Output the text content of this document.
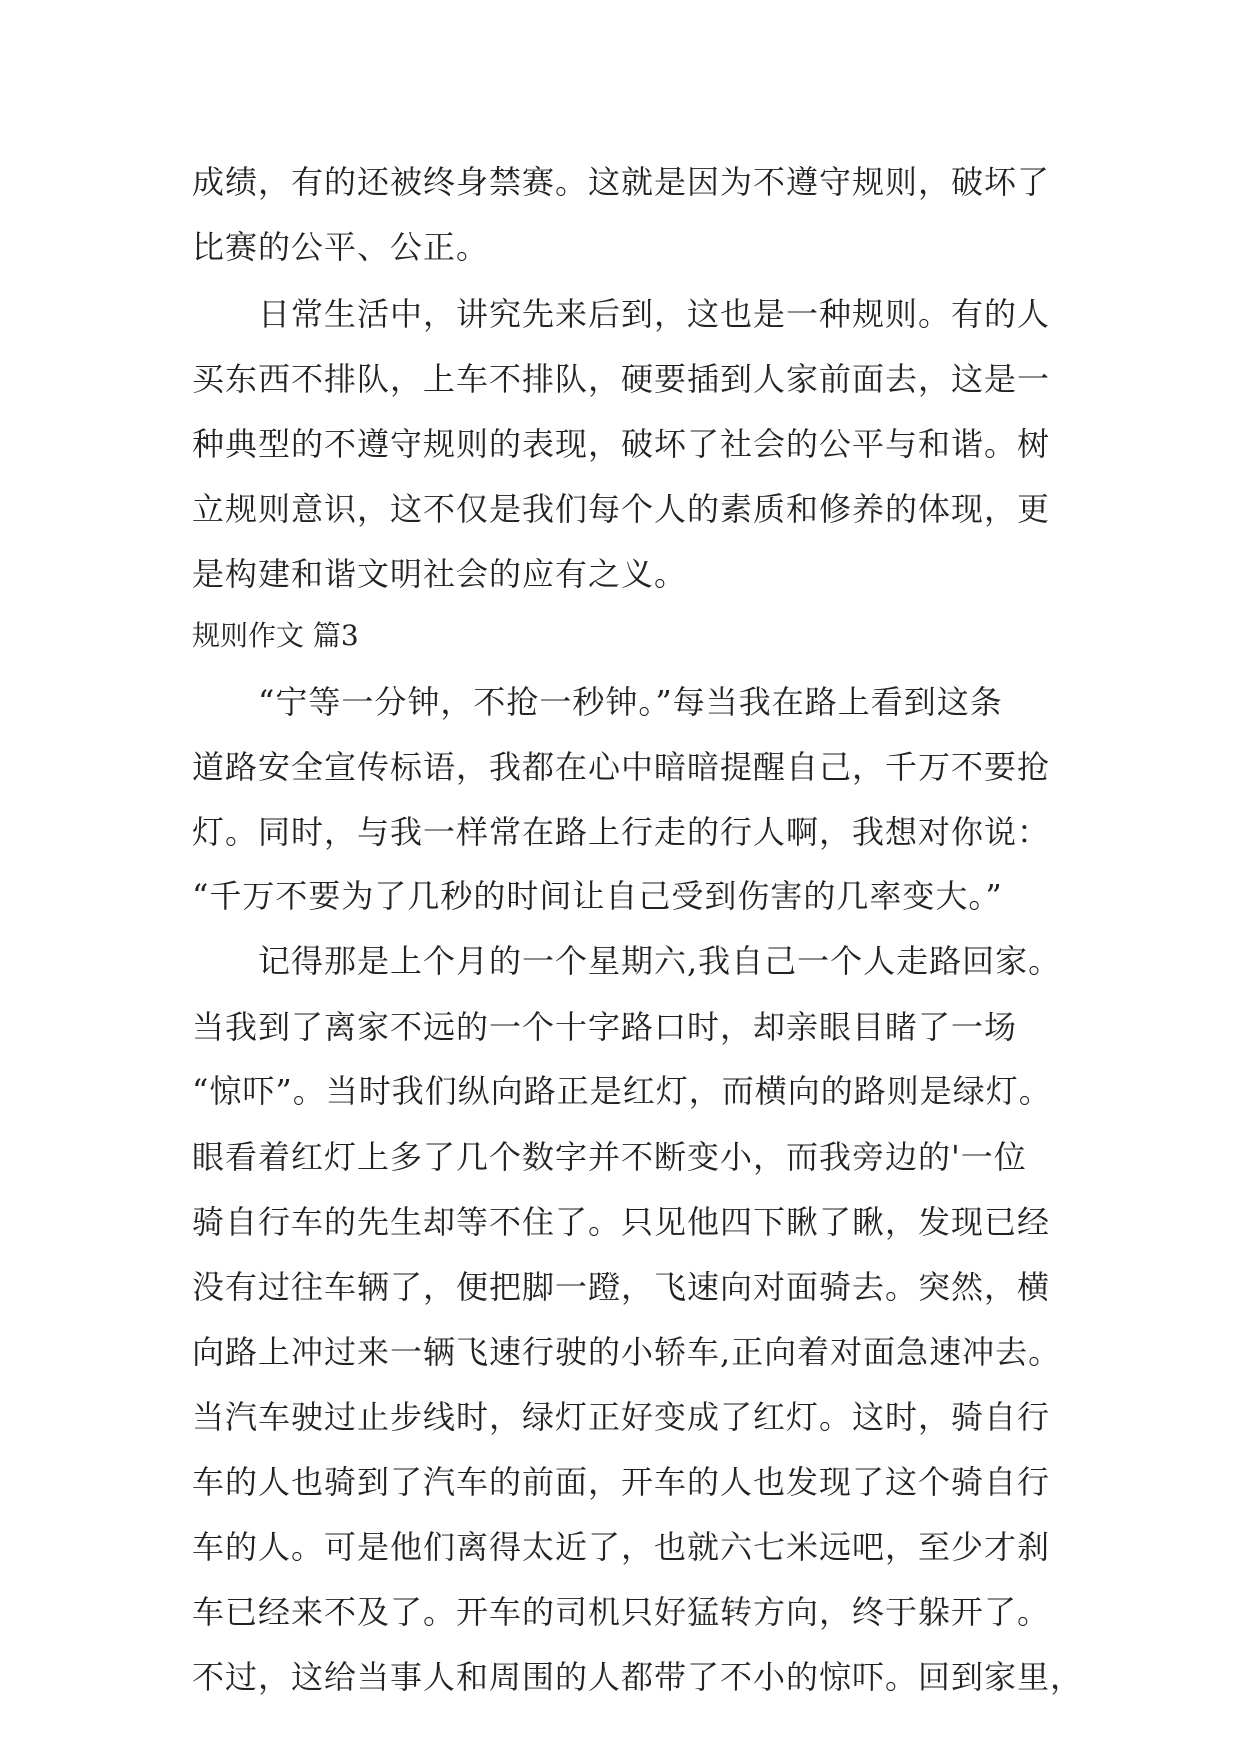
成绩，有的还被终身禁赛。这就是因为不遵守规则，破坏了

比赛的公平、公正。

日常生活中，讲究先来后到，这也是一种规则。有的人

买东西不排队，上车不排队，硬要插到人家前面去，这是一

种典型的不遵守规则的表现，破坏了社会的公平与和谐。树

立规则意识，这不仅是我们每个人的素质和修养的体现，更

是构建和谐文明社会的应有之义。

规则作文 篇3

“宁等一分钟，不抢一秒钟。”每当我在路上看到这条

道路安全宣传标语，我都在心中暗暗提醒自己，千万不要抢

灯。同时，与我一样常在路上行走的行人啊，我想对你说：

“千万不要为了几秒的时间让自己受到伤害的几率变大。”

记得那是上个月的一个星期六,我自己一个人走路回家。

当我到了离家不远的一个十字路口时，却亲眼目睹了一场

“惊吓”。当时我们纵向路正是红灯，而横向的路则是绿灯。

眼看着红灯上多了几个数字并不断变小，而我旁边的'一位

骑自行车的先生却等不住了。只见他四下瞅了瞅，发现已经

没有过往车辆了，便把脚一蹬，飞速向对面骑去。突然，横

向路上冲过来一辆飞速行驶的小轿车,正向着对面急速冲去。

当汽车驶过止步线时，绿灯正好变成了红灯。这时，骑自行

车的人也骑到了汽车的前面，开车的人也发现了这个骑自行

车的人。可是他们离得太近了，也就六七米远吧，至少才刹

车已经来不及了。开车的司机只好猛转方向，终于躲开了。

不过，这给当事人和周围的人都带了不小的惊吓。回到家里，
